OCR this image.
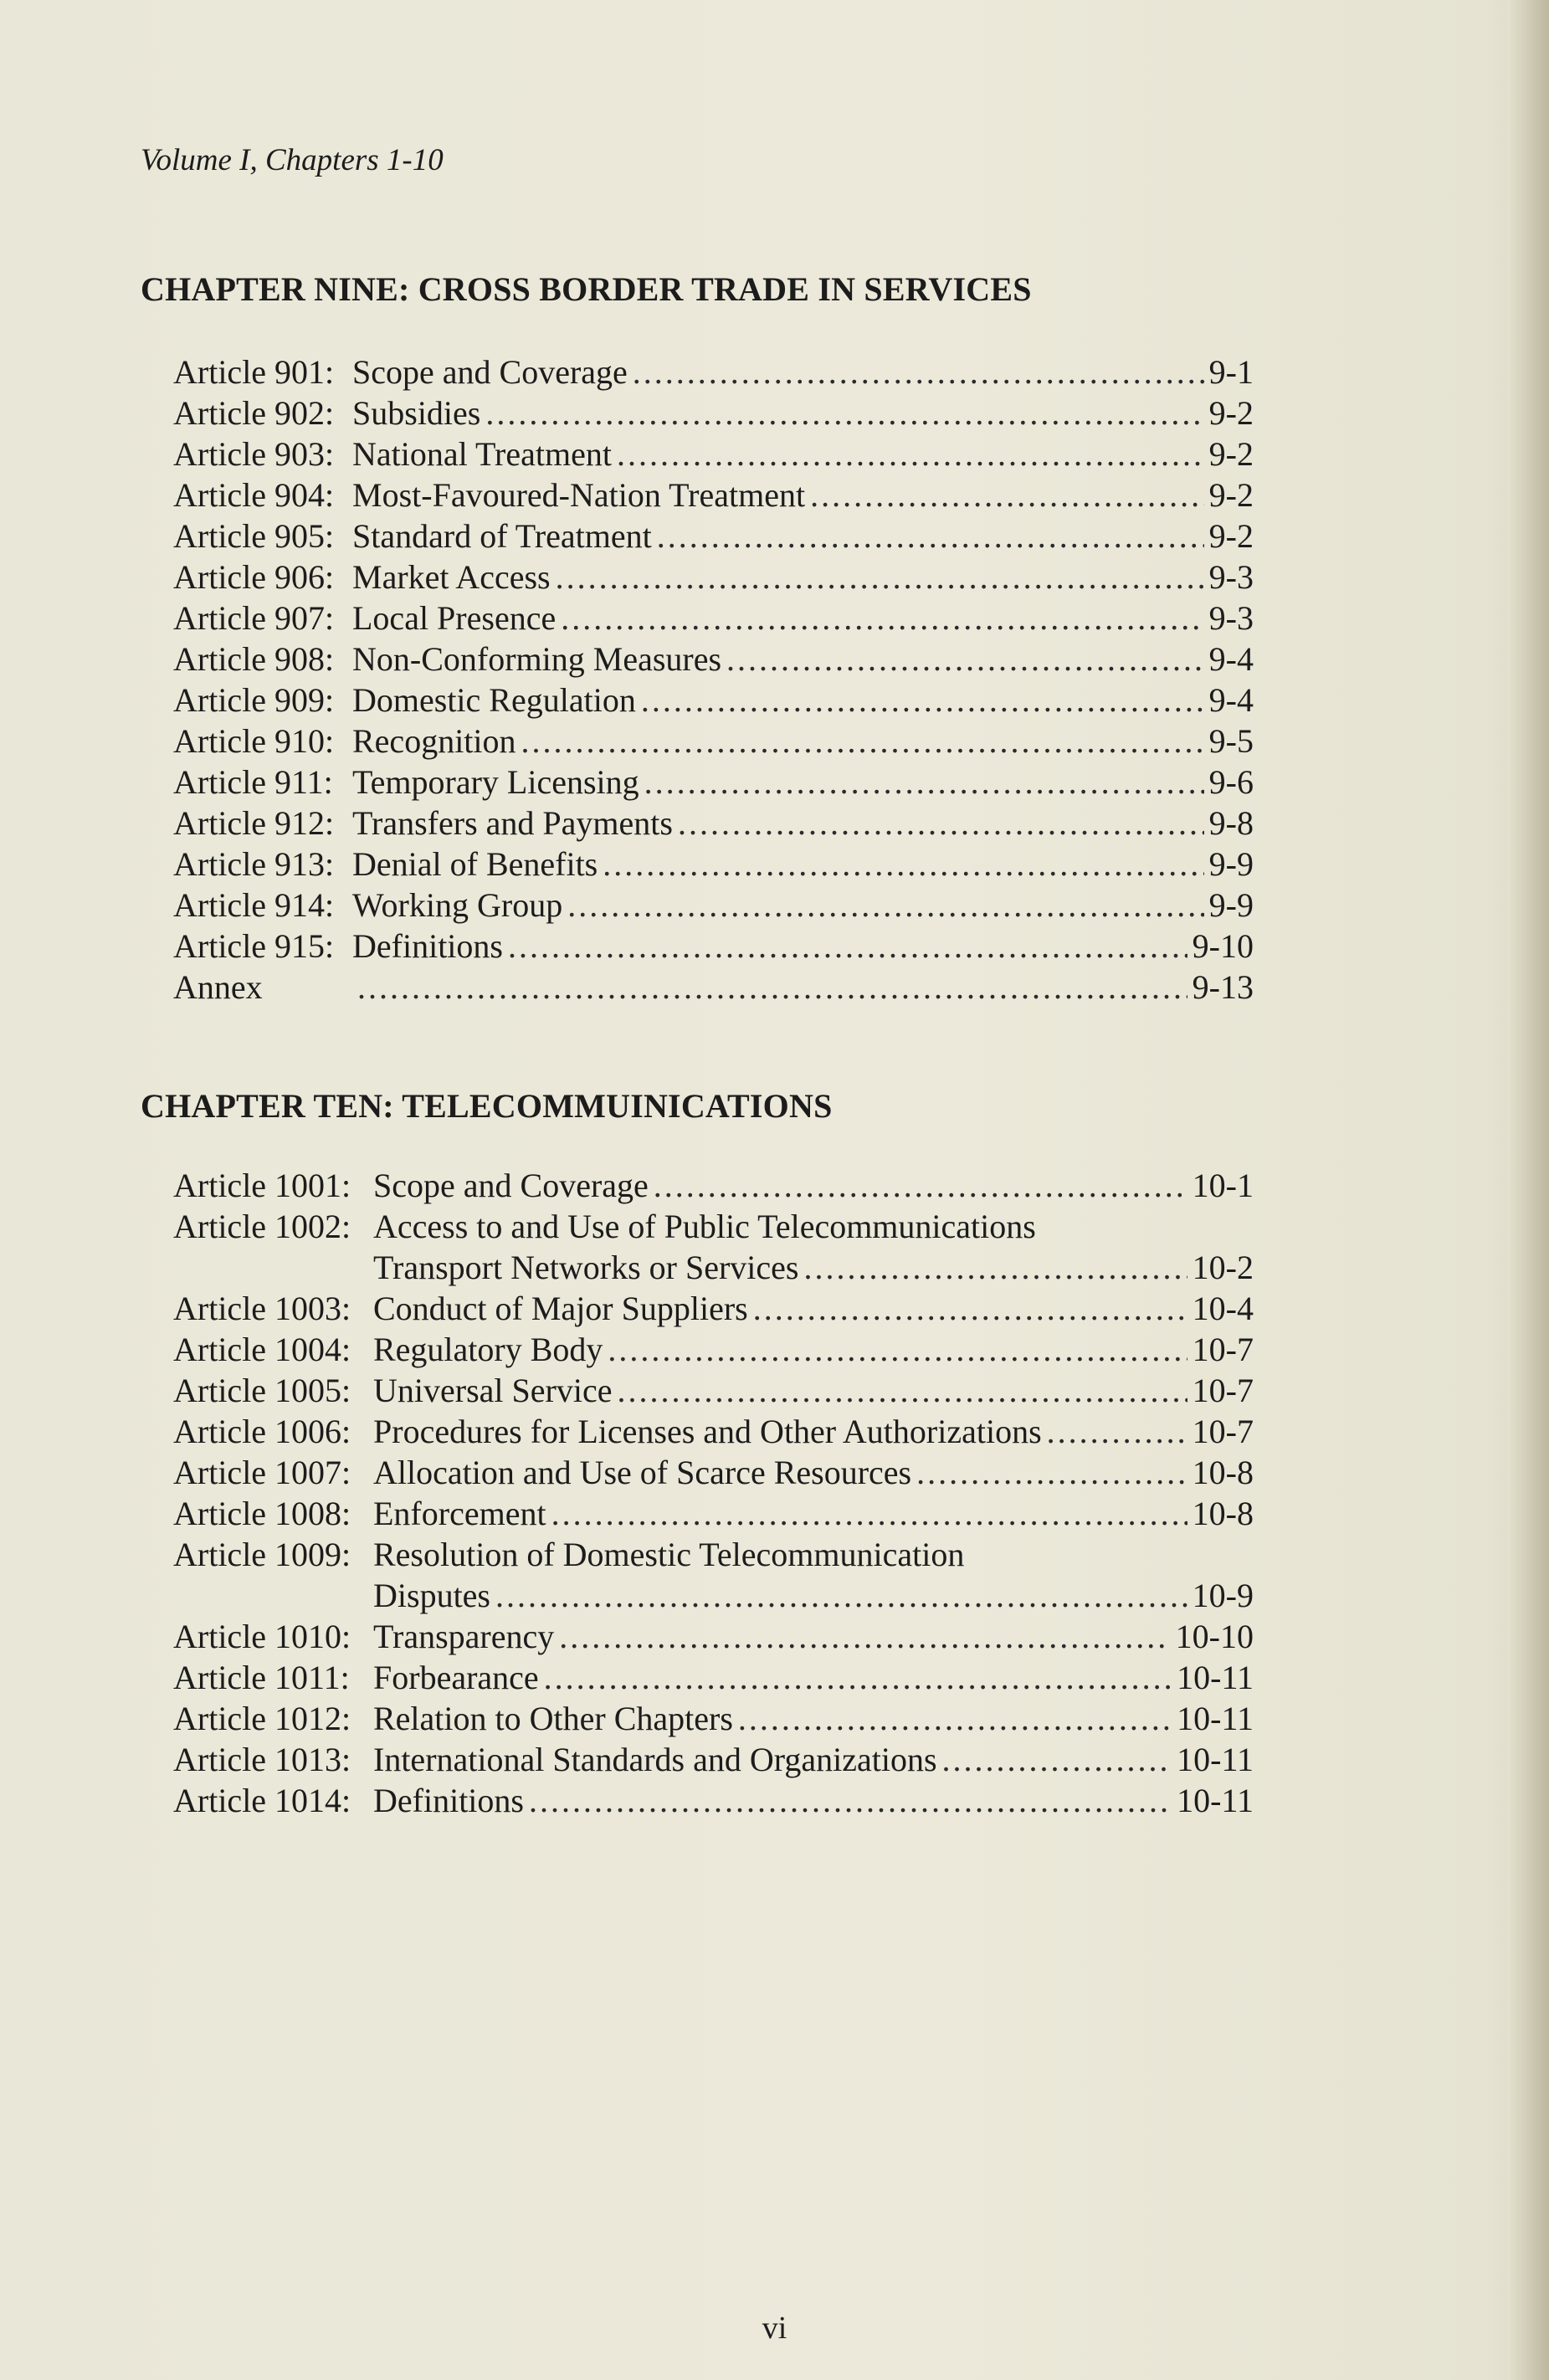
Volume I, Chapters 1-10
CHAPTER NINE: CROSS BORDER TRADE IN SERVICES
Article 901: Scope and Coverage .....	9-1
Article 902: Subsidies .....	9-2
Article 903: National Treatment .....	9-2
Article 904: Most-Favoured-Nation Treatment .....	9-2
Article 905: Standard of Treatment .....	9-2
Article 906: Market Access .....	9-3
Article 907: Local Presence .....	9-3
Article 908: Non-Conforming Measures .....	9-4
Article 909: Domestic Regulation .....	9-4
Article 910: Recognition .....	9-5
Article 911: Temporary Licensing .....	9-6
Article 912: Transfers and Payments .....	9-8
Article 913: Denial of Benefits .....	9-9
Article 914: Working Group .....	9-9
Article 915: Definitions .....	9-10
Annex .....	9-13
CHAPTER TEN: TELECOMMUINICATIONS
Article 1001: Scope and Coverage .....	10-1
Article 1002: Access to and Use of Public Telecommunications
Transport Networks or Services .....	10-2
Article 1003: Conduct of Major Suppliers .....	10-4
Article 1004: Regulatory Body .....	10-7
Article 1005: Universal Service .....	10-7
Article 1006: Procedures for Licenses and Other Authorizations .....	10-7
Article 1007: Allocation and Use of Scarce Resources .....	10-8
Article 1008: Enforcement .....	10-8
Article 1009: Resolution of Domestic Telecommunication
Disputes .....	10-9
Article 1010: Transparency .....	10-10
Article 1011: Forbearance .....	10-11
Article 1012: Relation to Other Chapters .....	10-11
Article 1013: International Standards and Organizations .....	10-11
Article 1014: Definitions .....	10-11
vi
